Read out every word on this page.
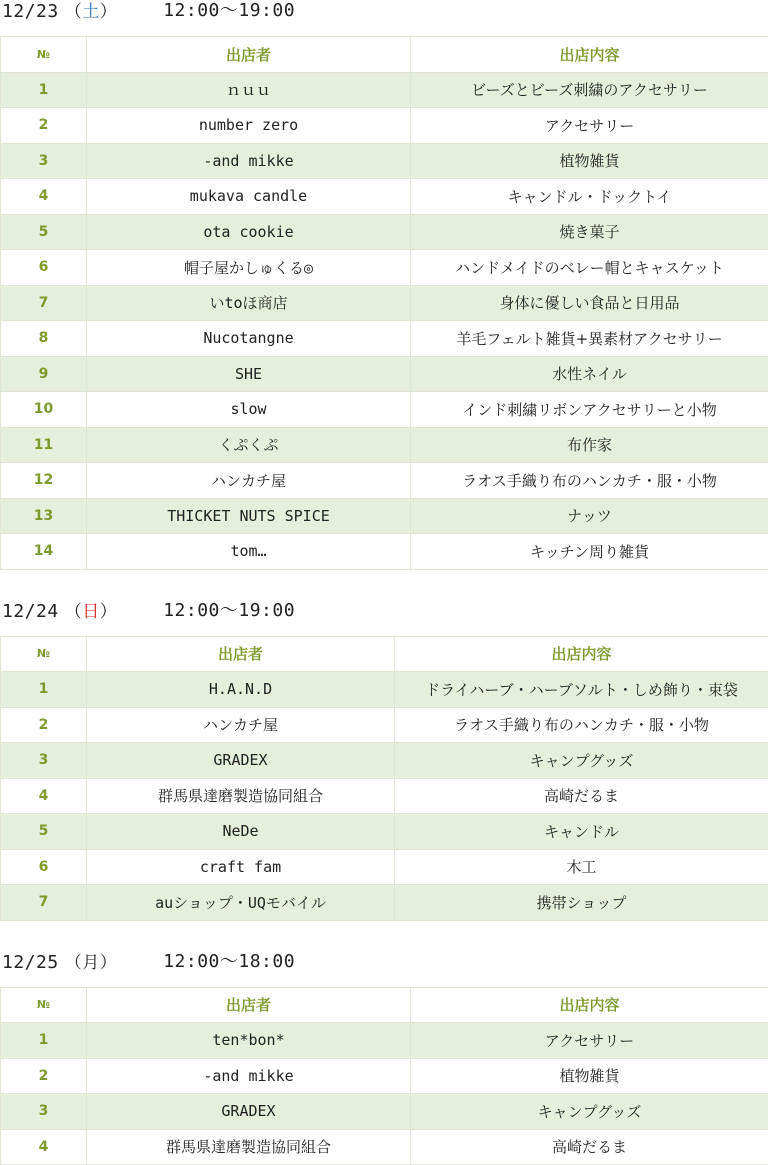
12/23 （ 土 ）	12:00〜19:00
№	出店者	出店内容
1	ｎｕｕ	ビーズとビーズ刺繍のアクセサリー
2	number zero	アクセサリー
3	-and mikke	植物雑貨
4	mukava candle	キャンドル・ドックトイ
5	ota cookie	焼き菓子
6	帽子屋かしゅくる◎	ハンドメイドのベレー帽とキャスケット
7	いtoほ商店	身体に優しい食品と日用品
8	Nucotangne	羊毛フェルト雑貨+異素材アクセサリー
9	SHE	水性ネイル
10	slow	インド刺繍リボンアクセサリーと小物
11	くぷくぷ	布作家
12	ハンカチ屋	ラオス手織り布のハンカチ・服・小物
13	THICKET NUTS SPICE	ナッツ
14	tom…	キッチン周り雑貨
12/24 （ 日 ）	12:00〜19:00
№	出店者	出店内容
1	H.A.N.D	ドライハーブ・ハーブソルト・しめ飾り・束袋
2	ハンカチ屋	ラオス手織り布のハンカチ・服・小物
3	GRADEX	キャンプグッズ
4	群馬県達磨製造協同組合	高崎だるま
5	NeDe	キャンドル
6	craft fam	木工
7	auショップ・UQモバイル	携帯ショップ
12/25 （ 月 ）	12:00〜18:00
№	出店者	出店内容
1	ten*bon*	アクセサリー
2	-and mikke	植物雑貨
3	GRADEX	キャンプグッズ
4	群馬県達磨製造協同組合	高崎だるま
